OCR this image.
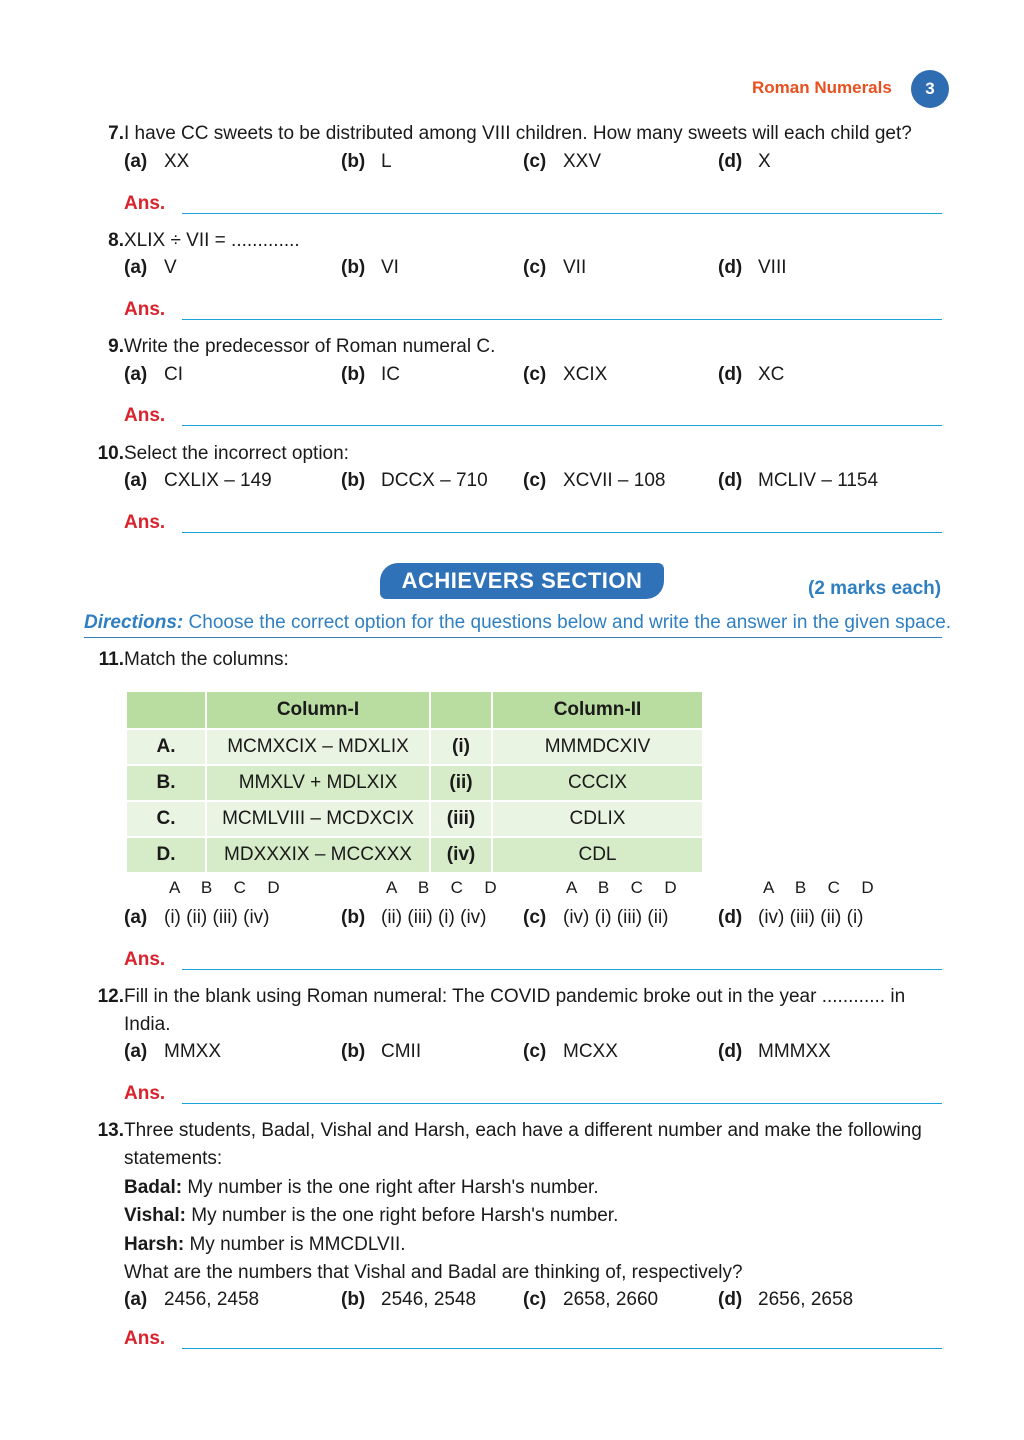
Roman Numerals	3
7. I have CC sweets to be distributed among VIII children. How many sweets will each child get?
(a) XX	(b) L	(c) XXV	(d) X
Ans.
8. XLIX ÷ VII = .............
(a) V	(b) VI	(c) VII	(d) VIII
Ans.
9. Write the predecessor of Roman numeral C.
(a) CI	(b) IC	(c) XCIX	(d) XC
Ans.
10. Select the incorrect option:
(a) CXLIX – 149	(b) DCCX – 710 (c) XCVII – 108	(d) MCLIV – 1154
Ans.
ACHIEVERS SECTION	(2 marks each)
Directions: Choose the correct option for the questions below and write the answer in the given space.
11. Match the columns:
	Column-I		Column-II
A.	MCMXCIX – MDXLIX	(i)	MMMDCXIV
B.	MMXLV + MDLXIX	(ii)	CCCIX
C.	MCMLVIII – MCDXCIX	(iii)	CDLIX
D.	MDXXXIX – MCCXXX	(iv)	CDL
A  B  C  D	A  B  C  D	A  B  C  D	A  B  C  D
(a) (i) (ii) (iii) (iv)	(b) (ii) (iii) (i) (iv) (c) (iv) (i) (iii) (ii)	(d) (iv) (iii) (ii) (i)
Ans.
12. Fill in the blank using Roman numeral: The COVID pandemic broke out in the year ............ in India.
(a) MMXX	(b) CMII	(c) MCXX	(d) MMMXX
Ans.
13. Three students, Badal, Vishal and Harsh, each have a different number and make the following statements:
Badal: My number is the one right after Harsh's number.
Vishal: My number is the one right before Harsh's number.
Harsh: My number is MMCDLVII.
What are the numbers that Vishal and Badal are thinking of, respectively?
(a) 2456, 2458	(b) 2546, 2548 (c) 2658, 2660	(d) 2656, 2658
Ans.
